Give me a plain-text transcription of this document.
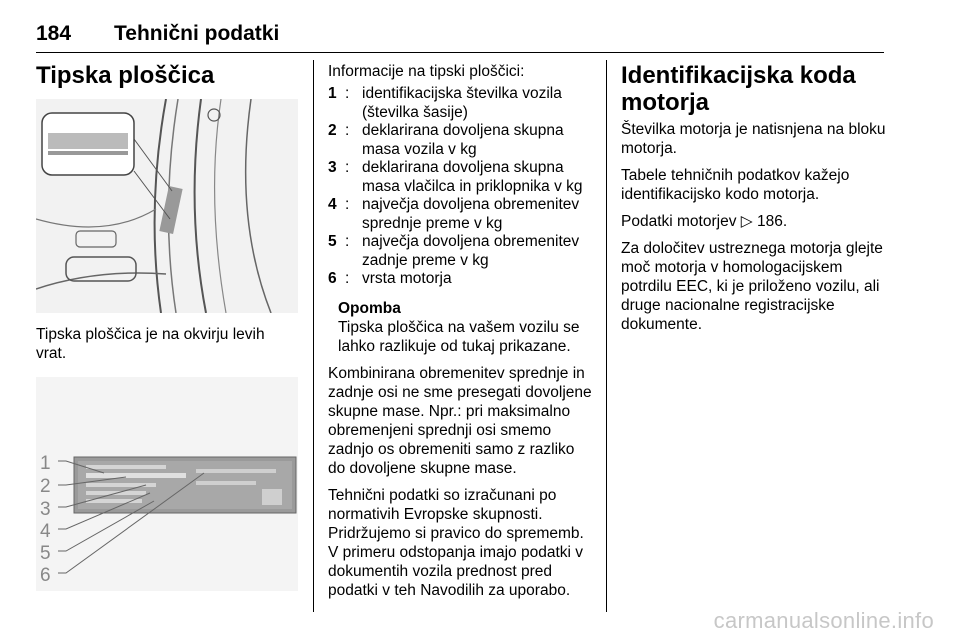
184 Tehnični podatki
Tipska ploščica

Tipska ploščica je na okvirju levih vrat.

1
2
3
4
5
6

Informacije na tipski ploščici:

1 : identifikacijska številka vozila (številka šasije)
2 : deklarirana dovoljena skupna masa vozila v kg
3 : deklarirana dovoljena skupna masa vlačilca in priklopnika v kg
4 : največja dovoljena obremenitev sprednje preme v kg
5 : največja dovoljena obremenitev zadnje preme v kg
6 : vrsta motorja
Opomba

Tipska ploščica na vašem vozilu se lahko razlikuje od tukaj prikazane.

Kombinirana obremenitev sprednje in zadnje osi ne sme presegati dovoljene skupne mase. Npr.: pri maksimalno obremenjeni sprednji osi smemo zadnjo os obremeniti samo z razliko do dovoljene skupne mase.

Tehnični podatki so izračunani po normativih Evropske skupnosti. Pridržujemo si pravico do sprememb. V primeru odstopanja imajo podatki v dokumentih vozila prednost pred podatki v teh Navodilih za uporabo.

Identifikacijska koda motorja

Številka motorja je natisnjena na bloku motorja.

Tabele tehničnih podatkov kažejo identifikacijsko kodo motorja.

Podatki motorjev ▷ 186.

Za določitev ustreznega motorja glejte moč motorja v homologacijskem potrdilu EEC, ki je priloženo vozilu, ali druge nacionalne registracijske dokumente.

carmanualsonline.info
